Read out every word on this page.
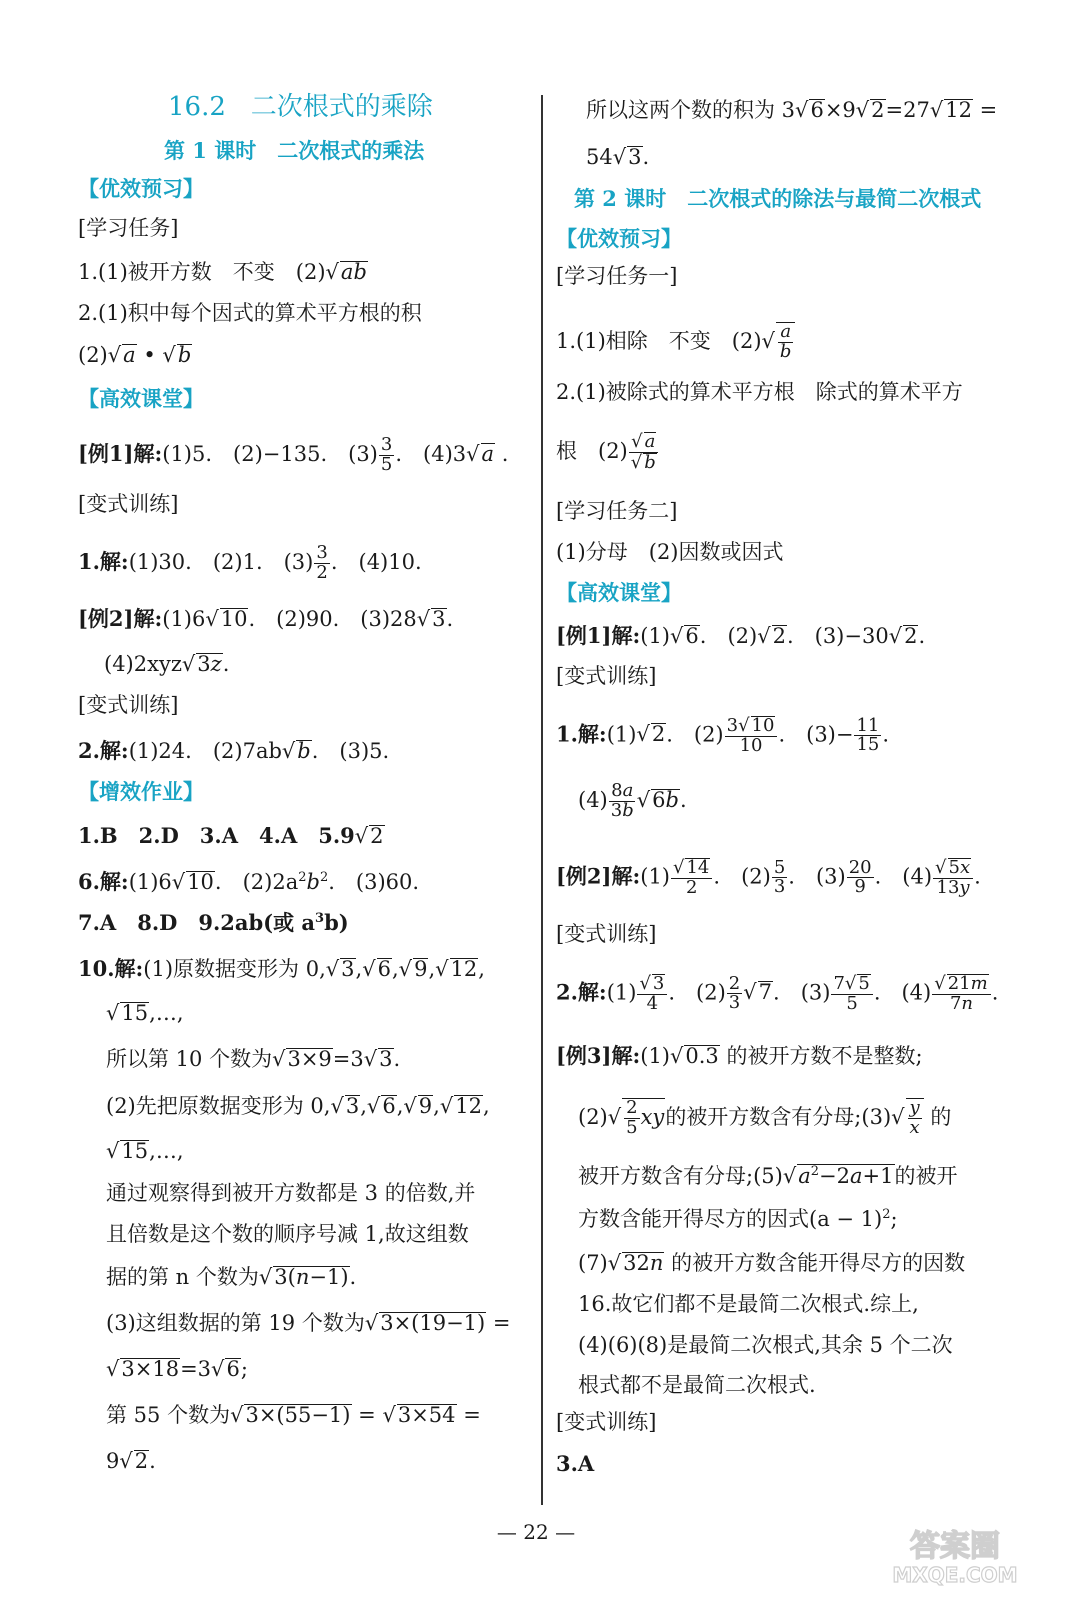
16.2 二次根式的乘除
第 1 课时　二次根式的乘法
【优效预习】
[学习任务]
1.(1)被开方数　不变　(2)√ab
2.(1)积中每个因式的算术平方根的积
(2)√a • √b
【高效课堂】
[例1]解:(1)5.　(2)−135.　$(3) \frac{3}{5}$ .　(4)3√a .
[变式训练]
1.解:(1)30.　(2)1.　$(3) \frac{3}{2}$ .　(4)10.
[例2]解:(1)6√10.　(2)90.　(3)28√3.
(4)2xyz√3z.
[变式训练]
2.解:(1)24.　(2)7ab√b.　(3)5.
【增效作业】
1.B　2.D　3.A　4.A　5.9√2
6.解:(1)6√10.　$(2)2a^2b^2$.　(3)60.
7.A　8.D　9.2ab(或 $a^3b$)
10.解:(1)原数据变形为 0,√3,√6,√9,√12,
√15,…,
所以第 10 个数为√3×9=3√3.
(2)先把原数据变形为 0,√3,√6,√9,√12,
√15,…,
通过观察得到被开方数都是 3 的倍数,并
且倍数是这个数的顺序号减 1,故这组数
据的第 n 个数为√3(n−1).
(3)这组数据的第 19 个数为√3×(19−1) =
√3×18=3√6;
第 55 个数为√3×(55−1) = √3×54 =
9√2.
所以这两个数的积为 3√6×9√2=27√12 =
54√3.
第 2 课时　二次根式的除法与最简二次根式
【优效预习】
[学习任务一]
1.(1)相除　不变　$(2)√ \frac{a}{b}$
2.(1)被除式的算术平方根　除式的算术平方
根　$(2) \frac{√ a}{√ b}$
[学习任务二]
(1)分母　(2)因数或因式
【高效课堂】
[例1]解:(1)√6.　(2)√2.　(3)−30√2.
[变式训练]
1.解:(1)√2.　$(2) \frac{3√ 10}{10}$ .　$(3)- \frac{11}{15}$ .
$(4) \frac{8a}{3b} √6b$.
[例2]解:(1) $\frac{√ 14}{2}$ .　$(2) \frac{5}{3}$ .　$(3) \frac{20}{9}$ .　$(4) \frac{√ 5x}{13y}$ .
[变式训练]
2.解:(1) $\frac{√ 3}{4}$ .　$(2) \frac{2}{3} √7$.　$(3) \frac{7√ 5}{5}$ .　$(4) \frac{√ 21m}{7n}$ .
[例3]解:(1)√0.3 的被开方数不是整数;
$(2)√ \frac{2}{5}$ xy的被开方数含有分母;(3)√ $\frac{y}{x}$ 的
被开方数含有分母$;(5)√a^2-2a+1$的被开
方数含能开得尽方的因式$(a - 1)^2$;
(7)√32n 的被开方数含能开得尽方的因数
16.故它们都不是最简二次根式.综上,
(4)(6)(8)是最简二次根式,其余 5 个二次
根式都不是最简二次根式.
[变式训练]
3.A
— 22 —	答案圈
MXQE.COM
